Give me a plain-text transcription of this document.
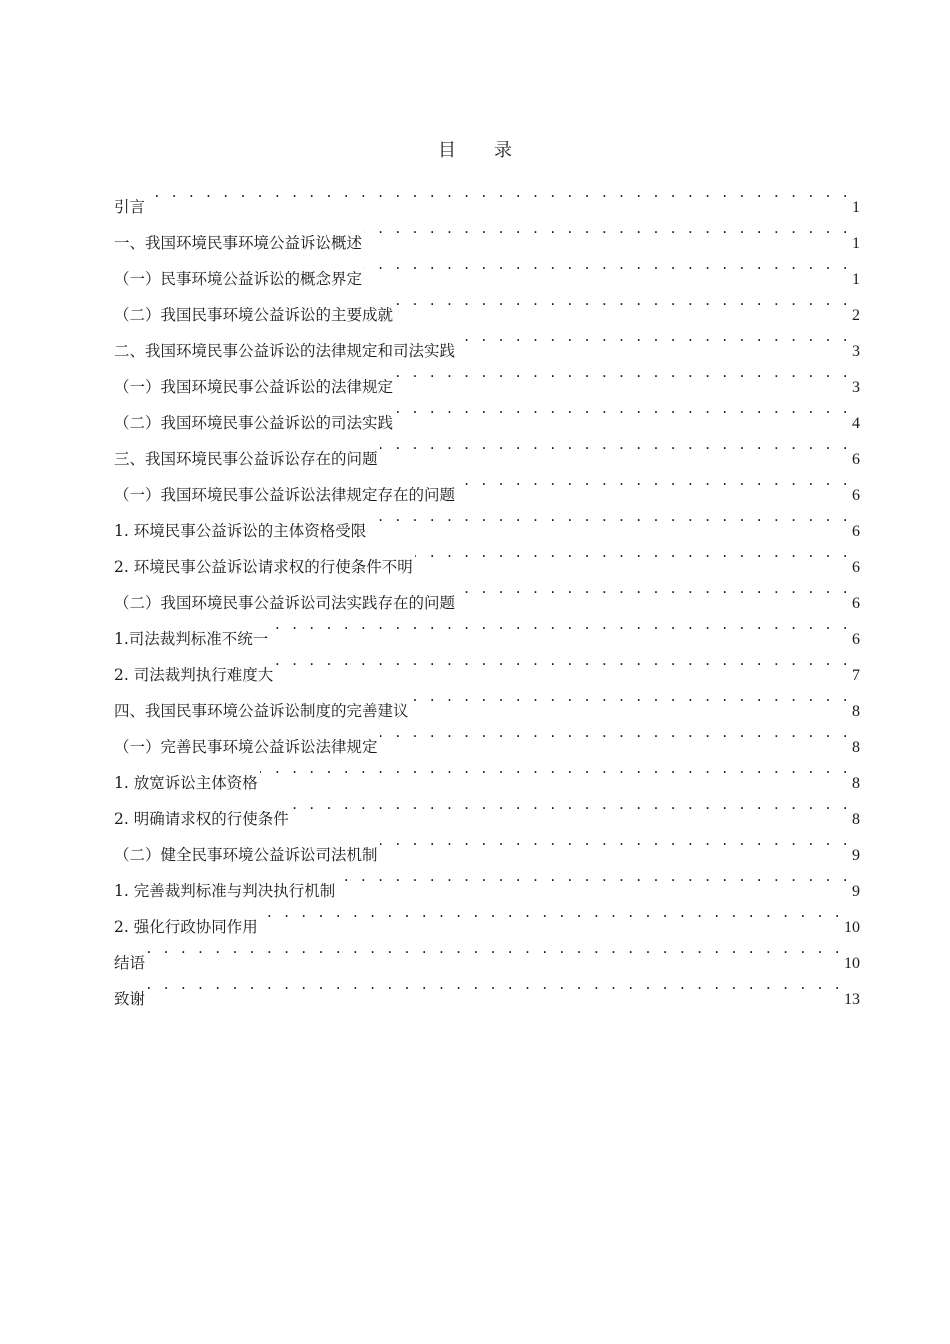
目 录
引言 . . .	1
一、我国环境民事环境公益诉讼概述 . . .	1
（一）民事环境公益诉讼的概念界定 . . .	1
（二）我国民事环境公益诉讼的主要成就 . . .	2
二、我国环境民事公益诉讼的法律规定和司法实践 . . .	3
（一）我国环境民事公益诉讼的法律规定 . . .	3
（二）我国环境民事公益诉讼的司法实践 . . .	4
三、我国环境民事公益诉讼存在的问题 . . .	6
（一）我国环境民事公益诉讼法律规定存在的问题 . . .	6
1. 环境民事公益诉讼的主体资格受限 . . .	6
2. 环境民事公益诉讼请求权的行使条件不明 . . .	6
（二）我国环境民事公益诉讼司法实践存在的问题 . . .	6
1.司法裁判标准不统一 . . .	6
2. 司法裁判执行难度大 . . .	7
四、我国民事环境公益诉讼制度的完善建议 . . .	8
（一）完善民事环境公益诉讼法律规定 . . .	8
1. 放宽诉讼主体资格 . . .	8
2. 明确请求权的行使条件 . . .	8
（二）健全民事环境公益诉讼司法机制 . . .	9
1. 完善裁判标准与判决执行机制 . . .	9
2. 强化行政协同作用 . . .	10
结语 . . .	10
致谢 . . .	13
